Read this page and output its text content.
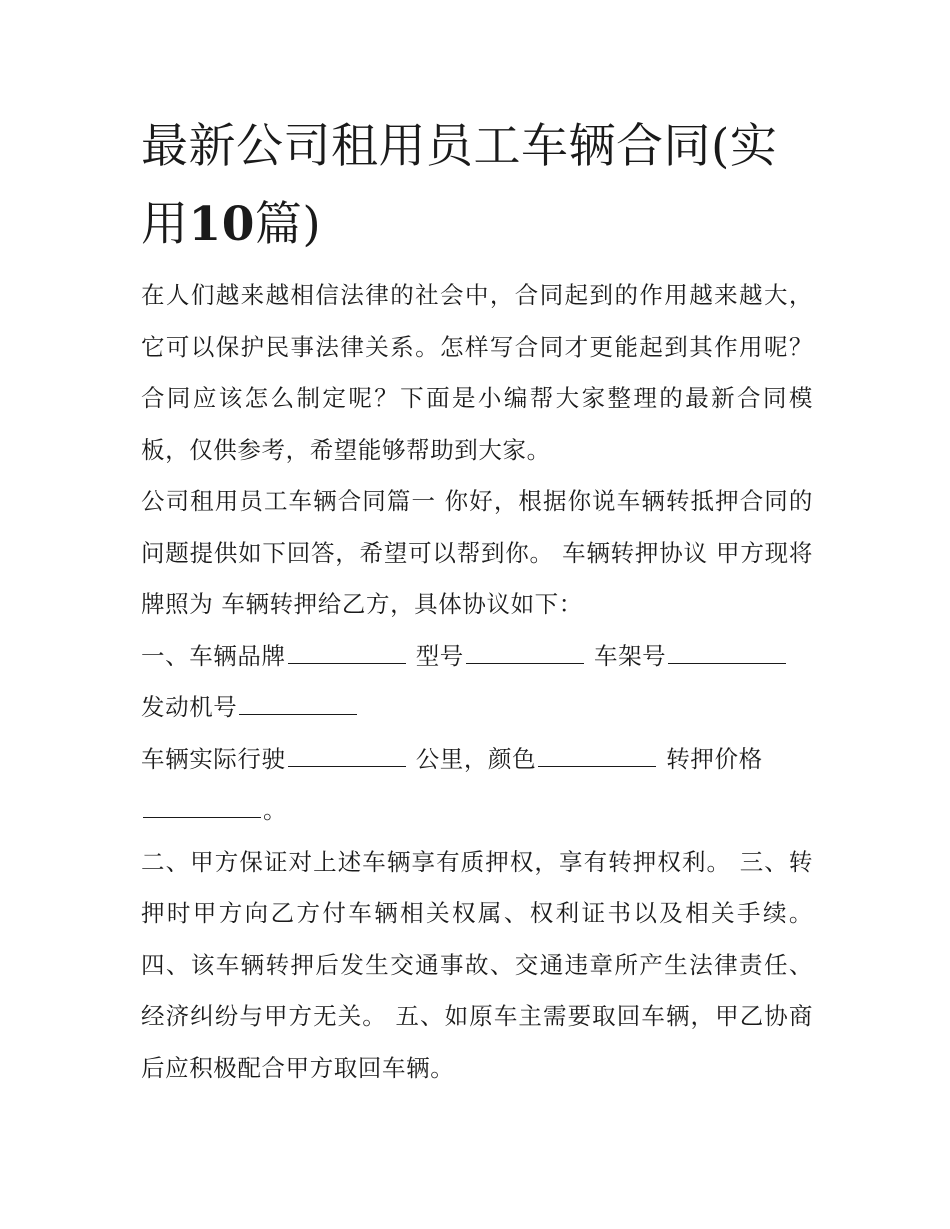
最新公司租用员工车辆合同(实用10篇)

在人们越来越相信法律的社会中，合同起到的作用越来越大，它可以保护民事法律关系。怎样写合同才更能起到其作用呢？合同应该怎么制定呢？下面是小编帮大家整理的最新合同模板，仅供参考，希望能够帮助到大家。

公司租用员工车辆合同篇一 你好，根据你说车辆转抵押合同的问题提供如下回答，希望可以帮到你。 车辆转押协议 甲方现将牌照为 车辆转押给乙方，具体协议如下：

一、车辆品牌	型号	车架号

发动机号

车辆实际行驶	公里，颜色	转押价格

。

二、甲方保证对上述车辆享有质押权，享有转押权利。 三、转押时甲方向乙方付车辆相关权属、权利证书以及相关手续。四、该车辆转押后发生交通事故、交通违章所产生法律责任、经济纠纷与甲方无关。 五、如原车主需要取回车辆，甲乙协商后应积极配合甲方取回车辆。
